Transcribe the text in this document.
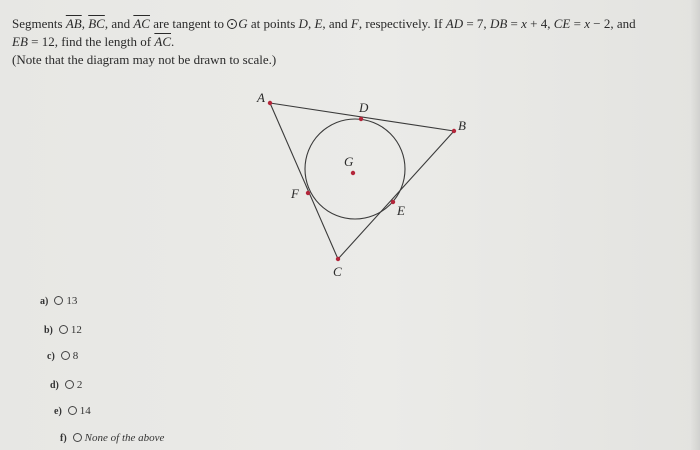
Segments $\overline{AB}$, $\overline{BC}$, and $\overline{AC}$ are tangent to G at points D, E, and F, respectively. If AD = 7, DB = x + 4, CE = x − 2, and
EB = 12, find the length of $\overline{AC}$.

(Note that the diagram may not be drawn to scale.)

A
B
C
D
E
F
G
a) 13
b) 12
c) 8
d) 2
e) 14
f) None of the above
